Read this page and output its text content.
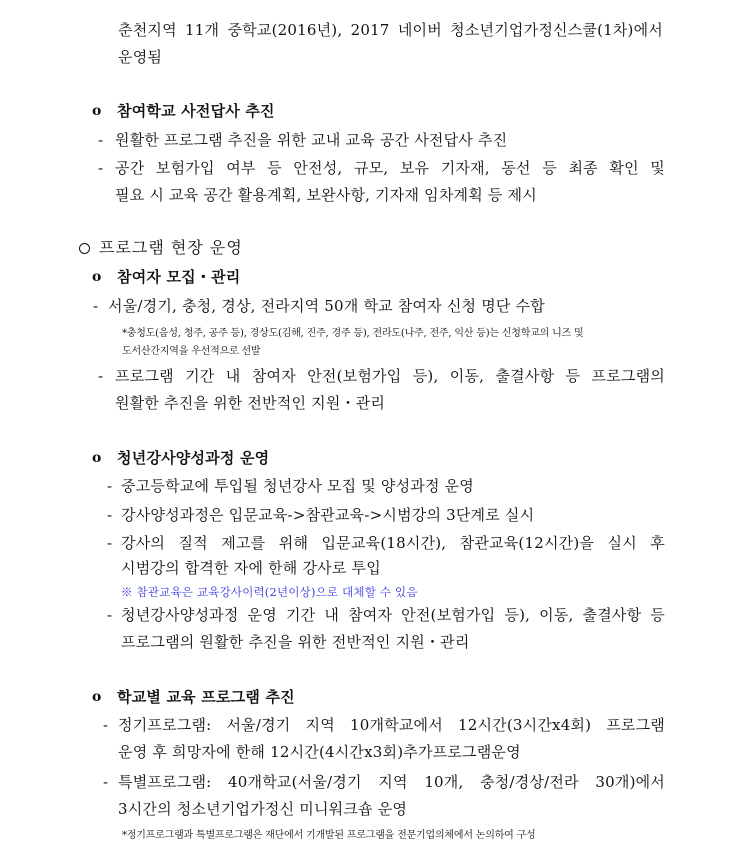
춘천지역 11개 중학교(2016년), 2017 네이버 청소년기업가정신스쿨(1차)에서
운영됨
o 참여학교 사전답사 추진
- 원활한 프로그램 추진을 위한 교내 교육 공간 사전답사 추진
- 공간 보험가입 여부 등 안전성, 규모, 보유 기자재, 동선 등 최종 확인 및
필요 시 교육 공간 활용계획, 보완사항, 기자재 임차계획 등 제시
프로그램 현장 운영
o 참여자 모집・관리
- 서울/경기, 충청, 경상, 전라지역 50개 학교 참여자 신청 명단 수합
*충청도(음성, 청주, 공주 등), 경상도(김해, 진주, 경주 등), 전라도(나주, 전주, 익산 등)는 신청학교의 니즈 및
도서산간지역을 우선적으로 선발
- 프로그램 기간 내 참여자 안전(보험가입 등), 이동, 출결사항 등 프로그램의
원활한 추진을 위한 전반적인 지원・관리
o 청년강사양성과정 운영
- 중고등학교에 투입될 청년강사 모집 및 양성과정 운영
- 강사양성과정은 입문교육->참관교육->시범강의 3단계로 실시
- 강사의 질적 제고를 위해 입문교육(18시간), 참관교육(12시간)을 실시 후
시범강의 합격한 자에 한해 강사로 투입
※ 참관교육은 교육강사이력(2년이상)으로 대체할 수 있음
- 청년강사양성과정 운영 기간 내 참여자 안전(보험가입 등), 이동, 출결사항 등
프로그램의 원활한 추진을 위한 전반적인 지원・관리
o 학교별 교육 프로그램 추진
- 정기프로그램: 서울/경기 지역 10개학교에서 12시간(3시간x4회) 프로그램
운영 후 희망자에 한해 12시간(4시간x3회)추가프로그램운영
- 특별프로그램: 40개학교(서울/경기 지역 10개, 충청/경상/전라 30개)에서
3시간의 청소년기업가정신 미니워크숍 운영
*정기프로그램과 특별프로그램은 재단에서 기개발된 프로그램을 전문기업의체에서 논의하여 구성
